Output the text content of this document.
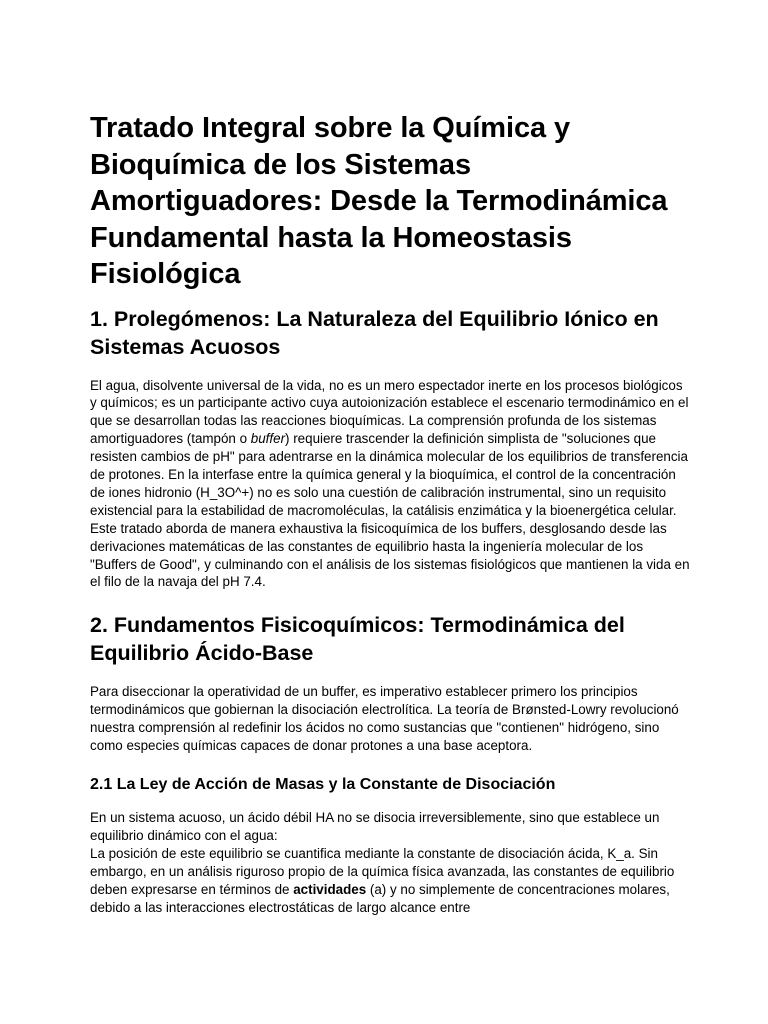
Tratado Integral sobre la Química y Bioquímica de los Sistemas Amortiguadores: Desde la Termodinámica Fundamental hasta la Homeostasis Fisiológica
1. Prolegómenos: La Naturaleza del Equilibrio Iónico en Sistemas Acuosos

El agua, disolvente universal de la vida, no es un mero espectador inerte en los procesos biológicos y químicos; es un participante activo cuya autoionización establece el escenario termodinámico en el que se desarrollan todas las reacciones bioquímicas. La comprensión profunda de los sistemas amortiguadores (tampón o buffer) requiere trascender la definición simplista de "soluciones que resisten cambios de pH" para adentrarse en la dinámica molecular de los equilibrios de transferencia de protones. En la interfase entre la química general y la bioquímica, el control de la concentración de iones hidronio (H_3O^+) no es solo una cuestión de calibración instrumental, sino un requisito existencial para la estabilidad de macromoléculas, la catálisis enzimática y la bioenergética celular.

Este tratado aborda de manera exhaustiva la fisicoquímica de los buffers, desglosando desde las derivaciones matemáticas de las constantes de equilibrio hasta la ingeniería molecular de los "Buffers de Good", y culminando con el análisis de los sistemas fisiológicos que mantienen la vida en el filo de la navaja del pH 7.4.

2. Fundamentos Fisicoquímicos: Termodinámica del Equilibrio Ácido-Base

Para diseccionar la operatividad de un buffer, es imperativo establecer primero los principios termodinámicos que gobiernan la disociación electrolítica. La teoría de Brønsted-Lowry revolucionó nuestra comprensión al redefinir los ácidos no como sustancias que "contienen" hidrógeno, sino como especies químicas capaces de donar protones a una base aceptora.

2.1 La Ley de Acción de Masas y la Constante de Disociación

En un sistema acuoso, un ácido débil HA no se disocia irreversiblemente, sino que establece un equilibrio dinámico con el agua:

La posición de este equilibrio se cuantifica mediante la constante de disociación ácida, K_a. Sin embargo, en un análisis riguroso propio de la química física avanzada, las constantes de equilibrio deben expresarse en términos de actividades (a) y no simplemente de concentraciones molares, debido a las interacciones electrostáticas de largo alcance entre
